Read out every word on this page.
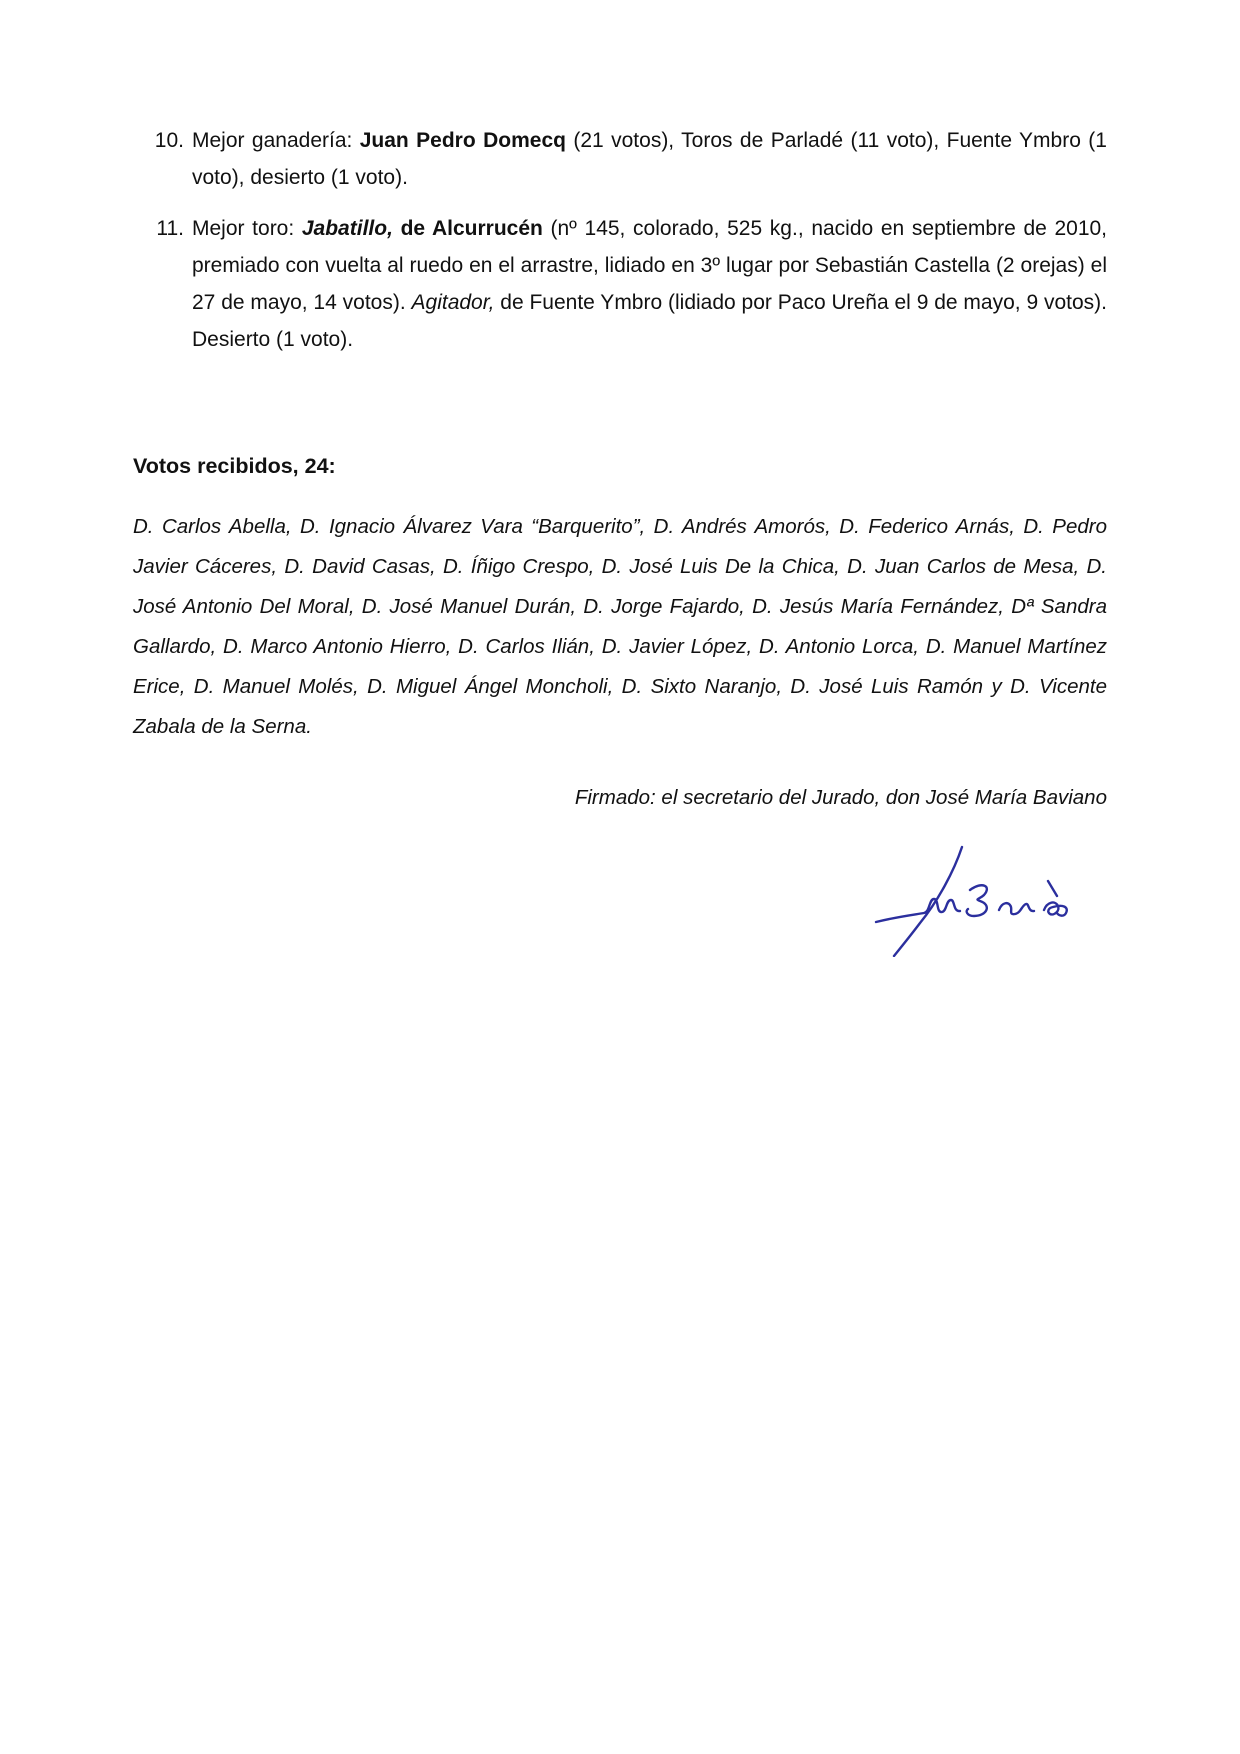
10. Mejor ganadería: Juan Pedro Domecq (21 votos), Toros de Parladé (11 voto), Fuente Ymbro (1 voto), desierto (1 voto).

11. Mejor toro: Jabatillo, de Alcurrucén (nº 145, colorado, 525 kg., nacido en septiembre de 2010, premiado con vuelta al ruedo en el arrastre, lidiado en 3º lugar por Sebastián Castella (2 orejas) el 27 de mayo, 14 votos). Agitador, de Fuente Ymbro (lidiado por Paco Ureña el 9 de mayo, 9 votos). Desierto (1 voto).

Votos recibidos, 24:

D. Carlos Abella, D. Ignacio Álvarez Vara “Barquerito”, D. Andrés Amorós, D. Federico Arnás, D. Pedro Javier Cáceres, D. David Casas, D. Íñigo Crespo, D. José Luis De la Chica, D. Juan Carlos de Mesa, D. José Antonio Del Moral, D. José Manuel Durán, D. Jorge Fajardo, D. Jesús María Fernández, Dª Sandra Gallardo, D. Marco Antonio Hierro, D. Carlos Ilián, D. Javier López, D. Antonio Lorca, D. Manuel Martínez Erice, D. Manuel Molés, D. Miguel Ángel Moncholi, D. Sixto Naranjo, D. José Luis Ramón y D. Vicente Zabala de la Serna.

Firmado: el secretario del Jurado, don José María Baviano
